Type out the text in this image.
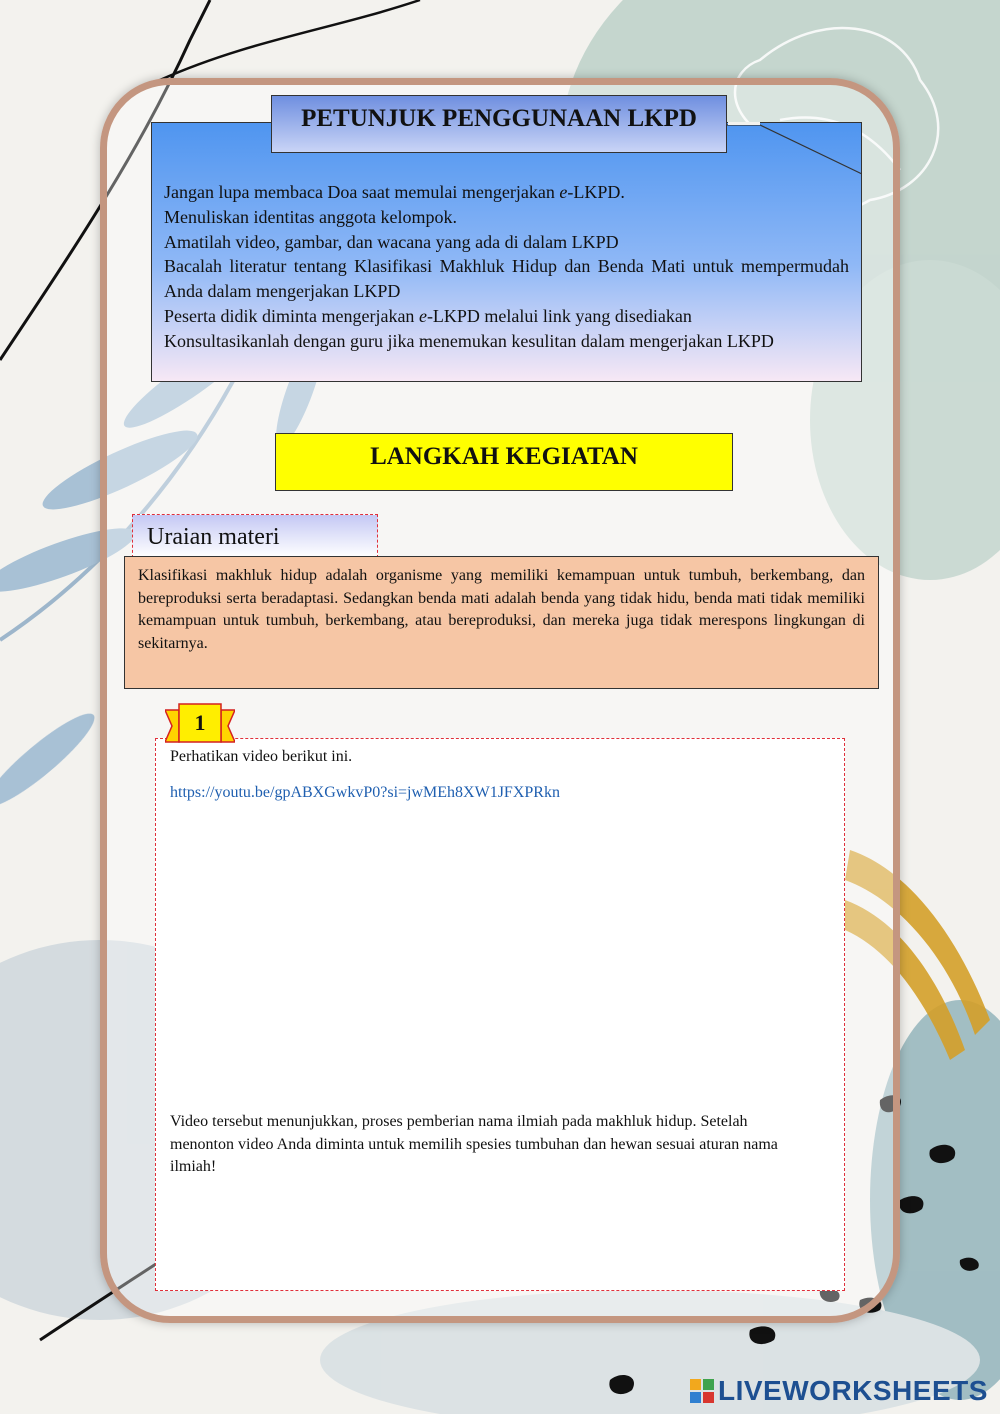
PETUNJUK PENGGUNAAN LKPD
Jangan lupa membaca Doa saat memulai mengerjakan e-LKPD.
Menuliskan identitas anggota kelompok.
Amatilah video, gambar, dan wacana yang ada di dalam LKPD
Bacalah literatur tentang Klasifikasi Makhluk Hidup dan Benda Mati untuk mempermudah Anda dalam mengerjakan LKPD
Peserta didik diminta mengerjakan e-LKPD melalui link yang disediakan
Konsultasikanlah dengan guru jika menemukan kesulitan dalam mengerjakan LKPD
LANGKAH KEGIATAN
Uraian materi
Klasifikasi makhluk hidup adalah organisme yang memiliki kemampuan untuk tumbuh, berkembang, dan bereproduksi serta beradaptasi. Sedangkan benda mati adalah benda yang tidak hidu, benda mati tidak memiliki kemampuan untuk tumbuh, berkembang, atau bereproduksi, dan mereka juga tidak merespons lingkungan di sekitarnya.
1
Perhatikan video berikut ini.
https://youtu.be/gpABXGwkvP0?si=jwMEh8XW1JFXPRkn
Video tersebut menunjukkan, proses pemberian nama ilmiah pada makhluk hidup. Setelah menonton video Anda diminta untuk memilih spesies tumbuhan dan hewan sesuai aturan nama ilmiah!
LIVEWORKSHEETS
